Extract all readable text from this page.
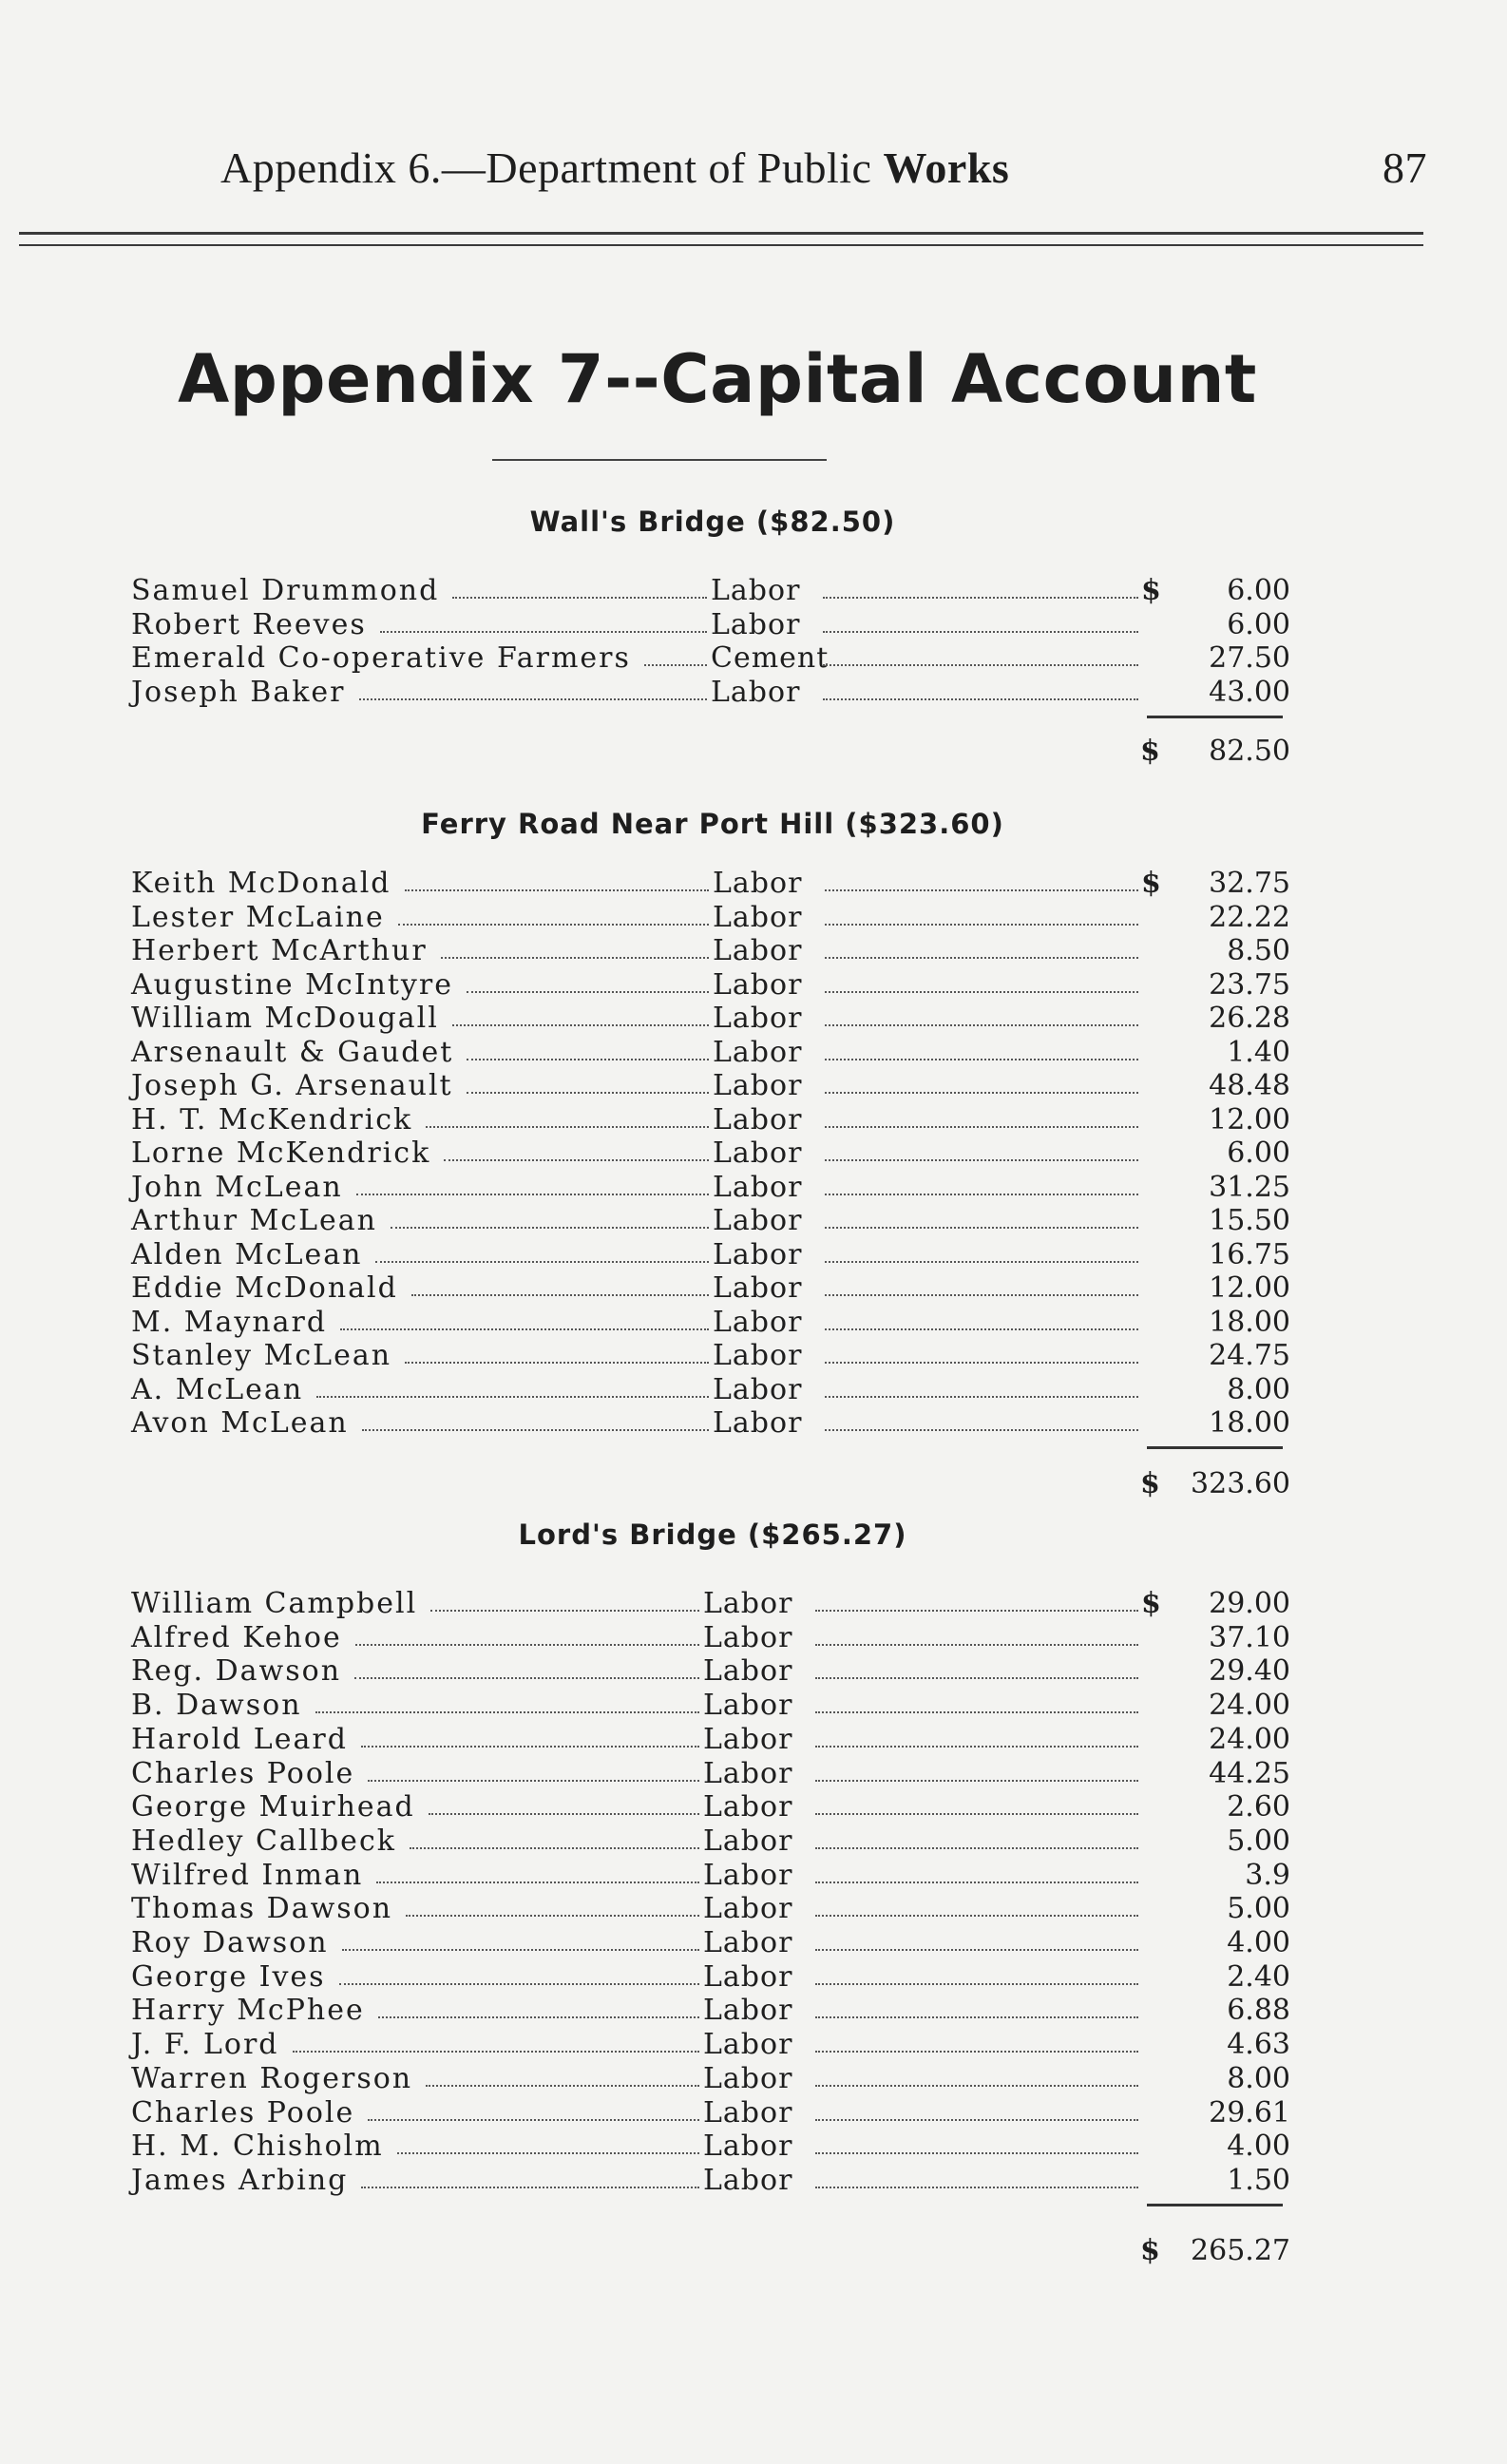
Appendix 6.—Department of Public Works	87
Appendix 7--Capital Account
Wall's Bridge ($82.50)
Samuel Drummond	Labor	$ 6.00
Robert Reeves	Labor	6.00
Emerald Co-operative Farmers	Cement	27.50
Joseph Baker	Labor	43.00
$ 82.50
Ferry Road Near Port Hill ($323.60)
Keith McDonald	Labor	$ 32.75
Lester McLaine	Labor	22.22
Herbert McArthur	Labor	8.50
Augustine McIntyre	Labor	23.75
William McDougall	Labor	26.28
Arsenault & Gaudet	Labor	1.40
Joseph G. Arsenault	Labor	48.48
H. T. McKendrick	Labor	12.00
Lorne McKendrick	Labor	6.00
John McLean	Labor	31.25
Arthur McLean	Labor	15.50
Alden McLean	Labor	16.75
Eddie McDonald	Labor	12.00
M. Maynard	Labor	18.00
Stanley McLean	Labor	24.75
A. McLean	Labor	8.00
Avon McLean	Labor	18.00
$ 323.60
Lord's Bridge ($265.27)
William Campbell	Labor	$ 29.00
Alfred Kehoe	Labor	37.10
Reg. Dawson	Labor	29.40
B. Dawson	Labor	24.00
Harold Leard	Labor	24.00
Charles Poole	Labor	44.25
George Muirhead	Labor	2.60
Hedley Callbeck	Labor	5.00
Wilfred Inman	Labor	3.9
Thomas Dawson	Labor	5.00
Roy Dawson	Labor	4.00
George Ives	Labor	2.40
Harry McPhee	Labor	6.88
J. F. Lord	Labor	4.63
Warren Rogerson	Labor	8.00
Charles Poole	Labor	29.61
H. M. Chisholm	Labor	4.00
James Arbing	Labor	1.50
$ 265.27
